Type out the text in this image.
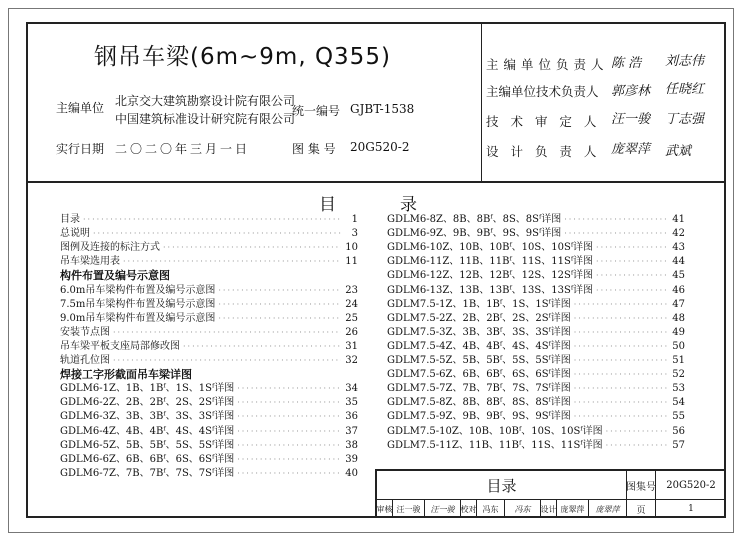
钢吊车梁(6m~9m, Q355)
主编单位 北京交大建筑勘察设计院有限公司
中国建筑标准设计研究院有限公司
统一编号 GJBT-1538
实行日期 二〇二〇年三月一日	图 集 号 20G520-2
主编单位负责人 陈 浩 刘志伟
主编单位技术负责人 郭彦林 任晓红
技 术 审 定 人 汪一骏 丁志强
设 计 负 责 人 庞翠萍 武斌
目	录
目录 ·····	1
总说明 ·····	3
图例及连接的标注方式 ·····	10
吊车梁选用表 ·····	11
构件布置及编号示意图
6.0m吊车梁构件布置及编号示意图 ·····	23
7.5m吊车梁构件布置及编号示意图 ·····	24
9.0m吊车梁构件布置及编号示意图 ·····	25
安装节点图 ·····	26
吊车梁平板支座局部修改图 ·····	31
轨道孔位图 ·····	32
焊接工字形截面吊车梁详图
GDLM6-1Z、1B、1Bᶠ、1S、1Sᶠ详图 ·····	34
GDLM6-2Z、2B、2Bᶠ、2S、2Sᶠ详图 ·····	35
GDLM6-3Z、3B、3Bᶠ、3S、3Sᶠ详图 ·····	36
GDLM6-4Z、4B、4Bᶠ、4S、4Sᶠ详图 ·····	37
GDLM6-5Z、5B、5Bᶠ、5S、5Sᶠ详图 ·····	38
GDLM6-6Z、6B、6Bᶠ、6S、6Sᶠ详图 ·····	39
GDLM6-7Z、7B、7Bᶠ、7S、7Sᶠ详图 ·····	40
GDLM6-8Z、8B、8Bᶠ、8S、8Sᶠ详图 ·····	41
GDLM6-9Z、9B、9Bᶠ、9S、9Sᶠ详图 ·····	42
GDLM6-10Z、10B、10Bᶠ、10S、10Sᶠ详图 ·····	43
GDLM6-11Z、11B、11Bᶠ、11S、11Sᶠ详图 ·····	44
GDLM6-12Z、12B、12Bᶠ、12S、12Sᶠ详图 ·····	45
GDLM6-13Z、13B、13Bᶠ、13S、13Sᶠ详图 ·····	46
GDLM7.5-1Z、1B、1Bᶠ、1S、1Sᶠ详图 ·····	47
GDLM7.5-2Z、2B、2Bᶠ、2S、2Sᶠ详图 ·····	48
GDLM7.5-3Z、3B、3Bᶠ、3S、3Sᶠ详图 ·····	49
GDLM7.5-4Z、4B、4Bᶠ、4S、4Sᶠ详图 ·····	50
GDLM7.5-5Z、5B、5Bᶠ、5S、5Sᶠ详图 ·····	51
GDLM7.5-6Z、6B、6Bᶠ、6S、6Sᶠ详图 ·····	52
GDLM7.5-7Z、7B、7Bᶠ、7S、7Sᶠ详图 ·····	53
GDLM7.5-8Z、8B、8Bᶠ、8S、8Sᶠ详图 ·····	54
GDLM7.5-9Z、9B、9Bᶠ、9S、9Sᶠ详图 ·····	55
GDLM7.5-10Z、10B、10Bᶠ、10S、10Sᶠ详图 ·····	56
GDLM7.5-11Z、11B、11Bᶠ、11S、11Sᶠ详图 ·····	57
目录	图集号	20G520-2
审核 汪一骏	汪一骏 校对 冯东	冯东	设计 庞翠萍	庞翠萍	页	1
